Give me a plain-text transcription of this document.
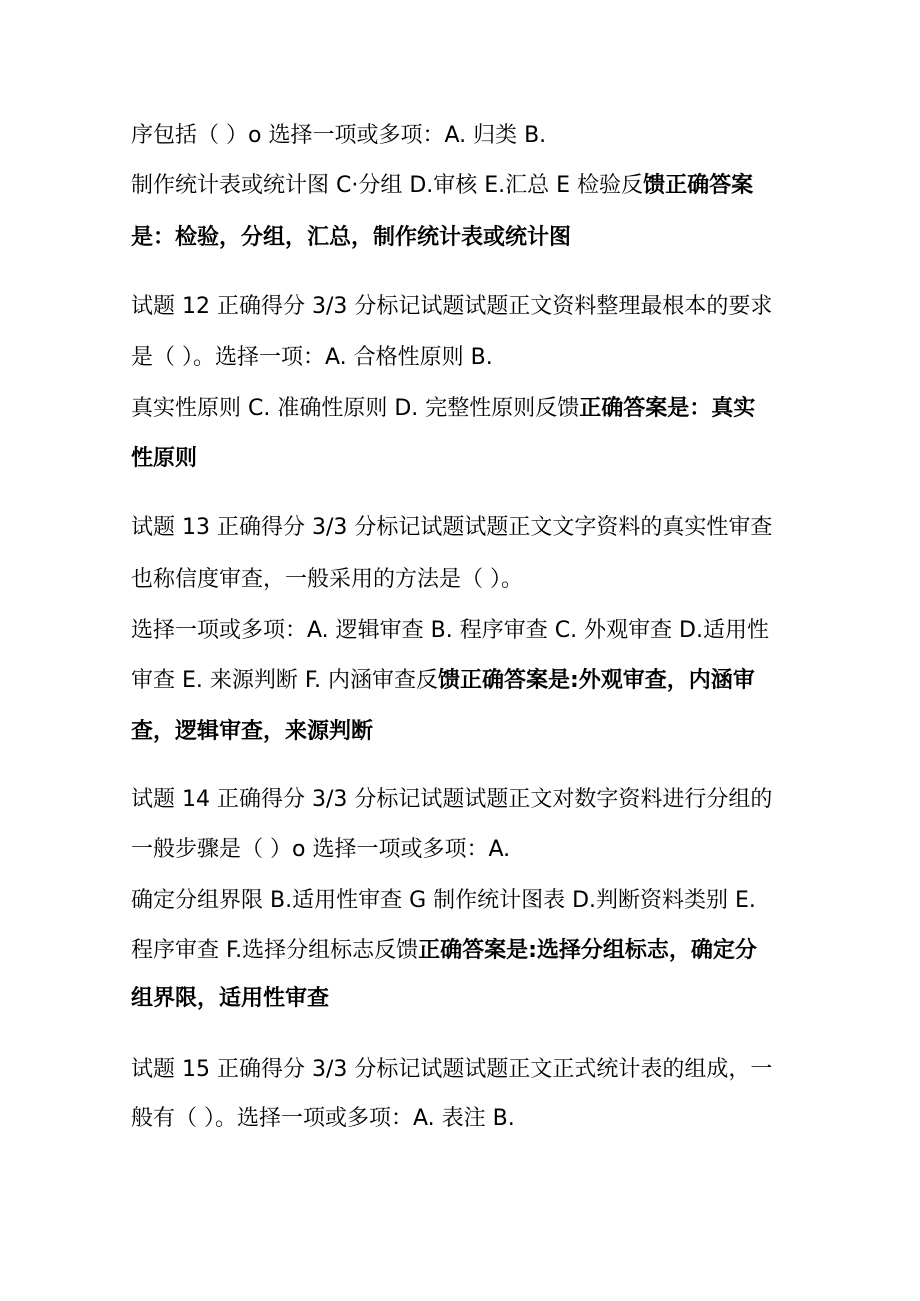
序包括（ ）o 选择一项或多项：A. 归类 B.
制作统计表或统计图 C·分组 D.审核 E.汇总 E 检验反馈正确答案
是：检验，分组，汇总，制作统计表或统计图
试题 12 正确得分 3/3 分标记试题试题正文资料整理最根本的要求
是（ ）。选择一项：A. 合格性原则 B.
真实性原则 C. 准确性原则 D. 完整性原则反馈正确答案是：真实
性原则
试题 13 正确得分 3/3 分标记试题试题正文文字资料的真实性审查
也称信度审查，一般采用的方法是（ ）。
选择一项或多项：A. 逻辑审查 B. 程序审查 C. 外观审查 D.适用性
审查 E. 来源判断 F. 内涵审查反馈正确答案是:外观审查，内涵审
查，逻辑审查，来源判断
试题 14 正确得分 3/3 分标记试题试题正文对数字资料进行分组的
一般步骤是（ ）o 选择一项或多项：A.
确定分组界限 B.适用性审查 G 制作统计图表 D.判断资料类别 E.
程序审查 F.选择分组标志反馈正确答案是:选择分组标志，确定分
组界限，适用性审查
试题 15 正确得分 3/3 分标记试题试题正文正式统计表的组成，一
般有（ ）。选择一项或多项：A. 表注 B.
